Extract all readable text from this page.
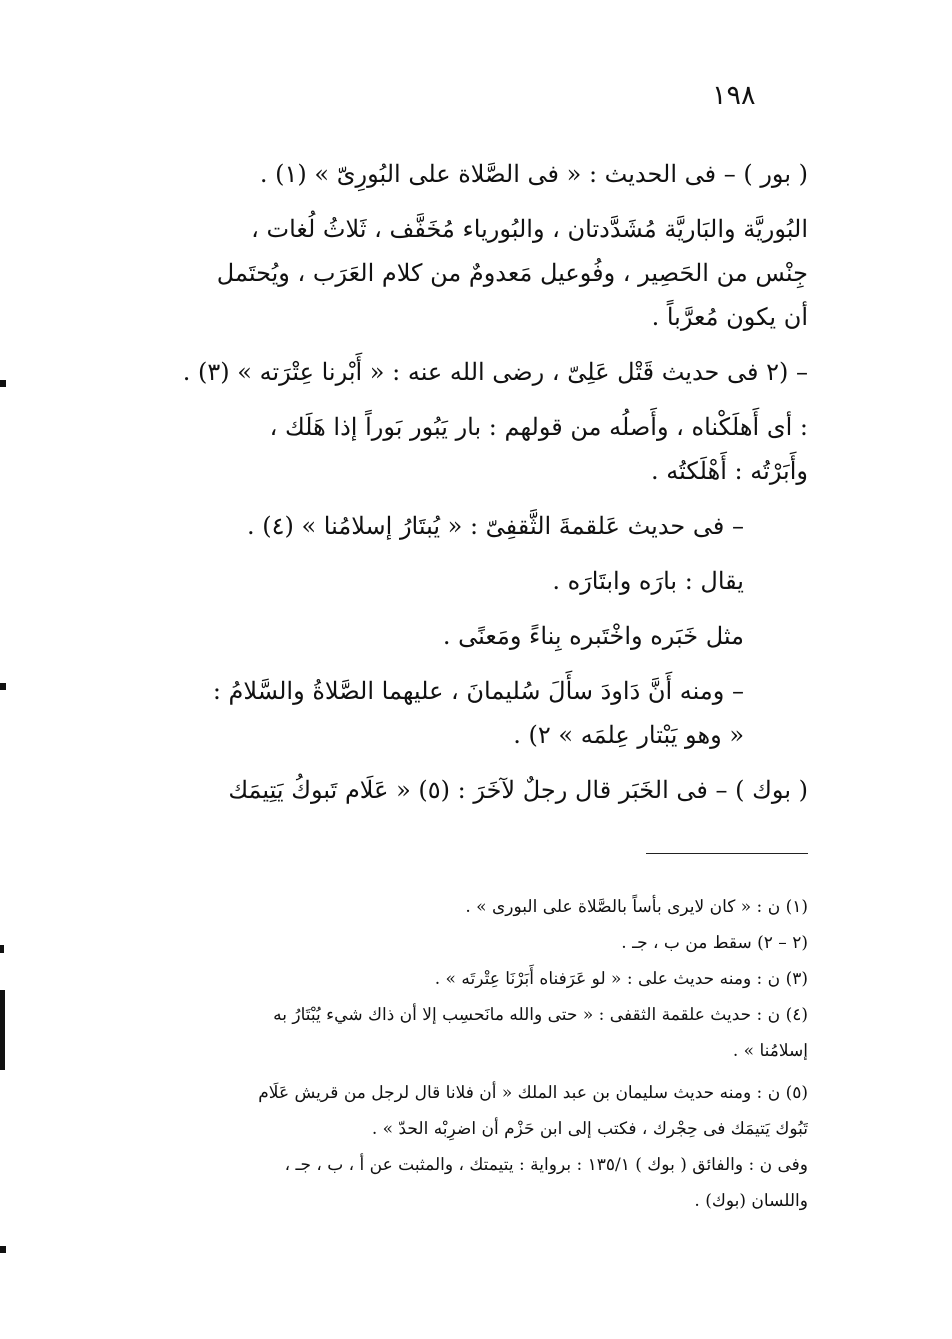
١٩٨

( بور ) – فى الحديث : « فى الصَّلاة على البُورِىّ » (١) .

البُوريَّة والبَاريَّة مُشَدَّدتان ، والبُورياء مُخَفَّف ، ثَلاثُ لُغات ،
جِنْس من الحَصِير ، وفُوعيل مَعدومٌ من كلام العَرَب ، ويُحتَمل
أن يكون مُعرَّباً .

– (٢ فى حديث قَتْل عَلِىّ ، رضى الله عنه : « أَبْرنا عِتْرَته » (٣) .

: أى أَهلَكْناه ، وأَصلُه من قولهم : بار يَبُور بَوراً إذا هَلَك ،
وأَبَرْتُه : أَهْلَكتُه .

– فى حديث عَلقمةَ الثَّقفِىّ : « يُبتَارُ إسلامُنا » (٤) .

يقال : بارَه وابتَارَه .

مثل خَبَره واخْتَبره بِناءً ومَعنًى .

– ومنه أَنَّ دَاودَ سأَلَ سُليمانَ ، عليهما الصَّلاةُ والسَّلامُ :
« وهو يَبْتار عِلمَه » ٢) .

( بوك ) – فى الخَبَر قال رجلٌ لآخَرَ : (٥) « عَلَام تَبوكُ يَتِيمَك

(١) ن : « كان لايرى بأساً بالصَّلاة على البورى » .

(٢ – ٢) سقط من ب ، جـ .

(٣) ن : ومنه حديث على : « لو عَرَفناه أَبَرْنَا عِتْرتَه » .

(٤) ن : حديث علقمة الثقفى : « حتى والله مانَحسِب إلا أن ذاك شيء يُبْتَارُ به
إسلامُنا » .

(٥) ن : ومنه حديث سليمان بن عبد الملك « أن فلانا قال لرجل من قريش عَلَام
تَبُوك يَتيمَك فى حِجْرك ، فكتب إلى ابن حَزْم أن اضرِبْه الحدّ » .
وفى ن : والفائق ( بوك ) ١٣٥/١ : برواية : يتيمتك ، والمثبت عن أ ، ب ، جـ ،
واللسان (بوك) .
